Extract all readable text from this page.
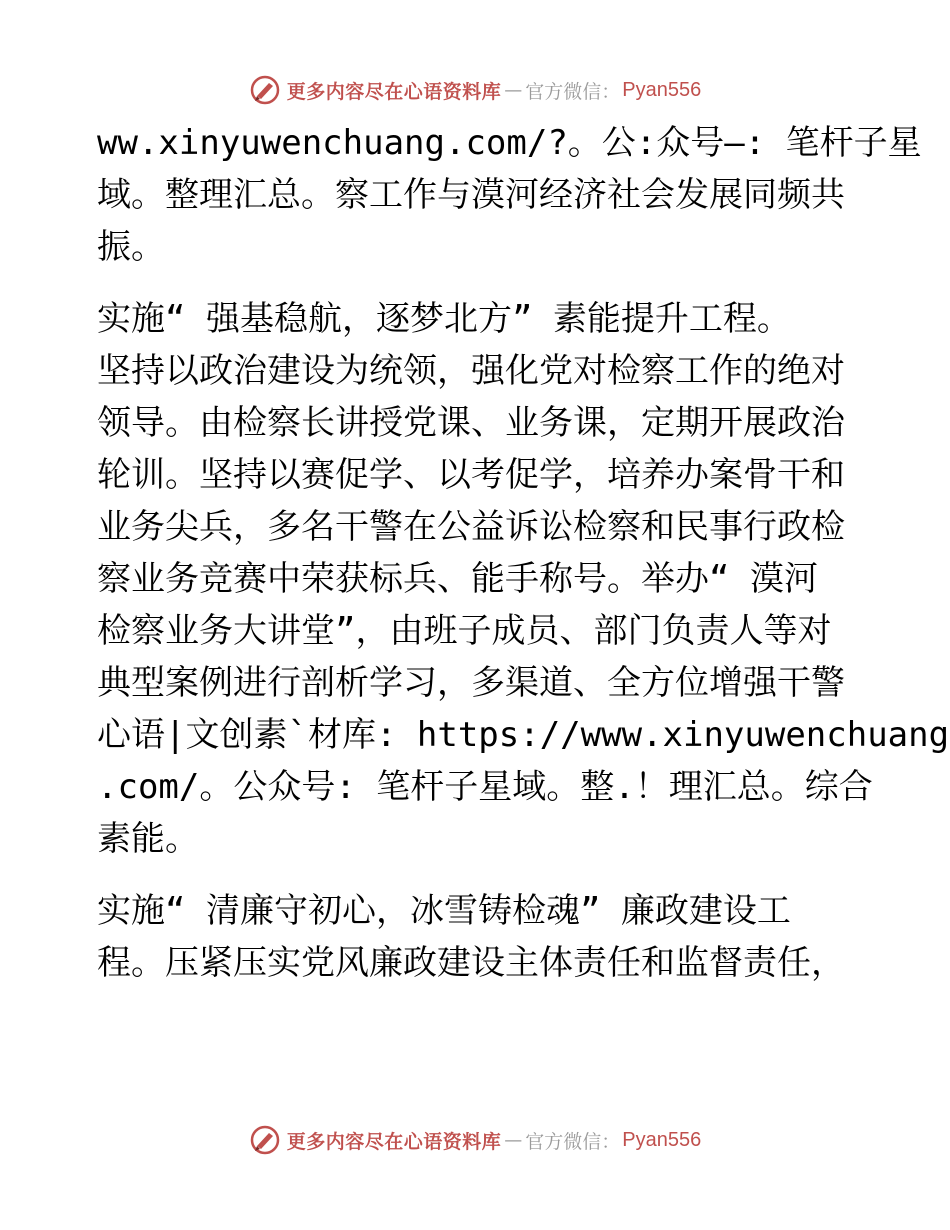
更多内容尽在心语资料库 — 官方微信： Pyan556
ww.xinyuwenchuang.com/?。公:众号—: 笔杆子星
域。整理汇总。察工作与漠河经济社会发展同频共
振。
实施“ 强基稳航，逐梦北方” 素能提升工程。
坚持以政治建设为统领，强化党对检察工作的绝对
领导。由检察长讲授党课、业务课，定期开展政治
轮训。坚持以赛促学、以考促学，培养办案骨干和
业务尖兵，多名干警在公益诉讼检察和民事行政检
察业务竞赛中荣获标兵、能手称号。举办“ 漠河
检察业务大讲堂”，由班子成员、部门负责人等对
典型案例进行剖析学习，多渠道、全方位增强干警
心语|文创素`材库: https://www.xinyuwenchuang
.com/。公众号: 笔杆子星域。整.！理汇总。综合
素能。
实施“ 清廉守初心，冰雪铸检魂” 廉政建设工
程。压紧压实党风廉政建设主体责任和监督责任，
更多内容尽在心语资料库 — 官方微信： Pyan556
